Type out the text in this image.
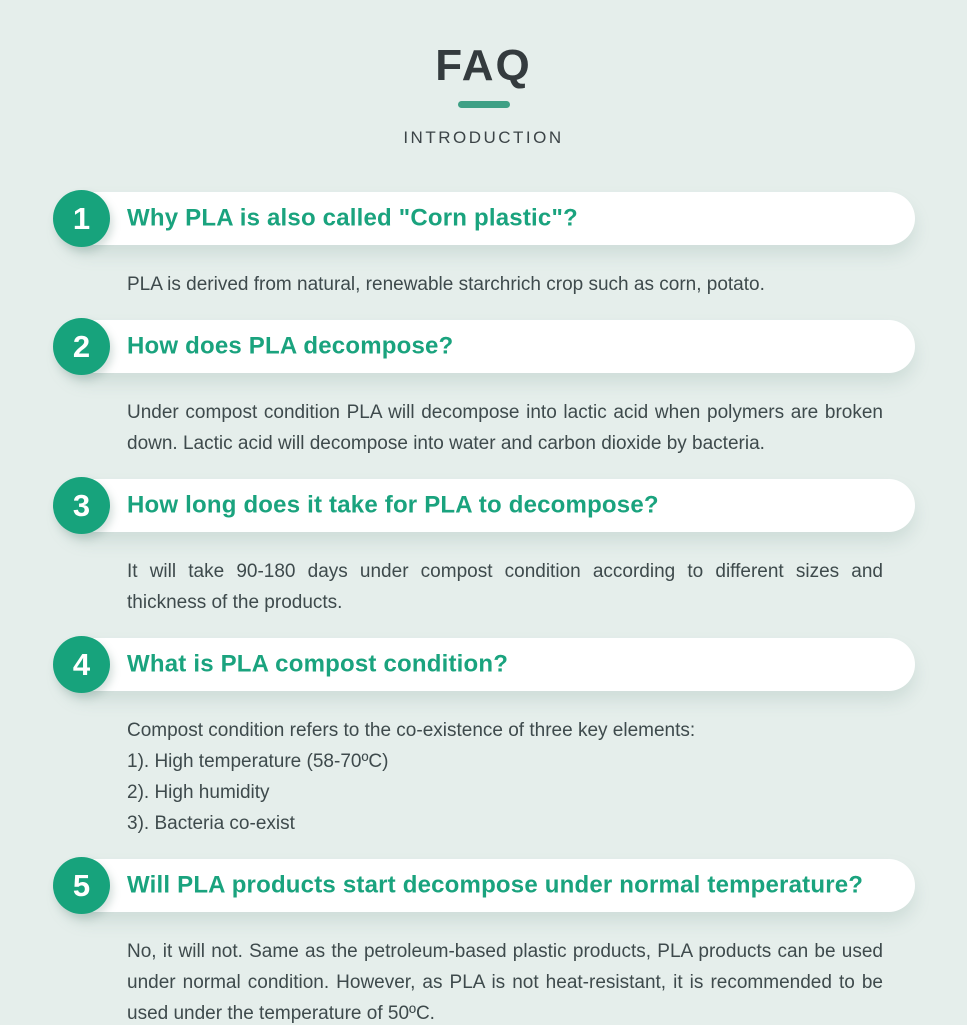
FAQ
INTRODUCTION
1 Why PLA is also called "Corn plastic"?

PLA is derived from natural, renewable starchrich crop such as corn, potato.

2 How does PLA decompose?

Under compost condition PLA will decompose into lactic acid when polymers are broken down. Lactic acid will decompose into water and carbon dioxide by bacteria.

3 How long does it take for PLA to decompose?

It will take 90-180 days under compost condition according to different sizes and thickness of the products.

4 What is PLA compost condition?

Compost condition refers to the co-existence of three key elements:

1). High temperature (58-70ºC)

2). High humidity

3). Bacteria co-exist

5 Will PLA products start decompose under normal temperature?

No, it will not. Same as the petroleum-based plastic products, PLA products can be used under normal condition. However, as PLA is not heat-resistant, it is recommended to be used under the temperature of 50ºC.
